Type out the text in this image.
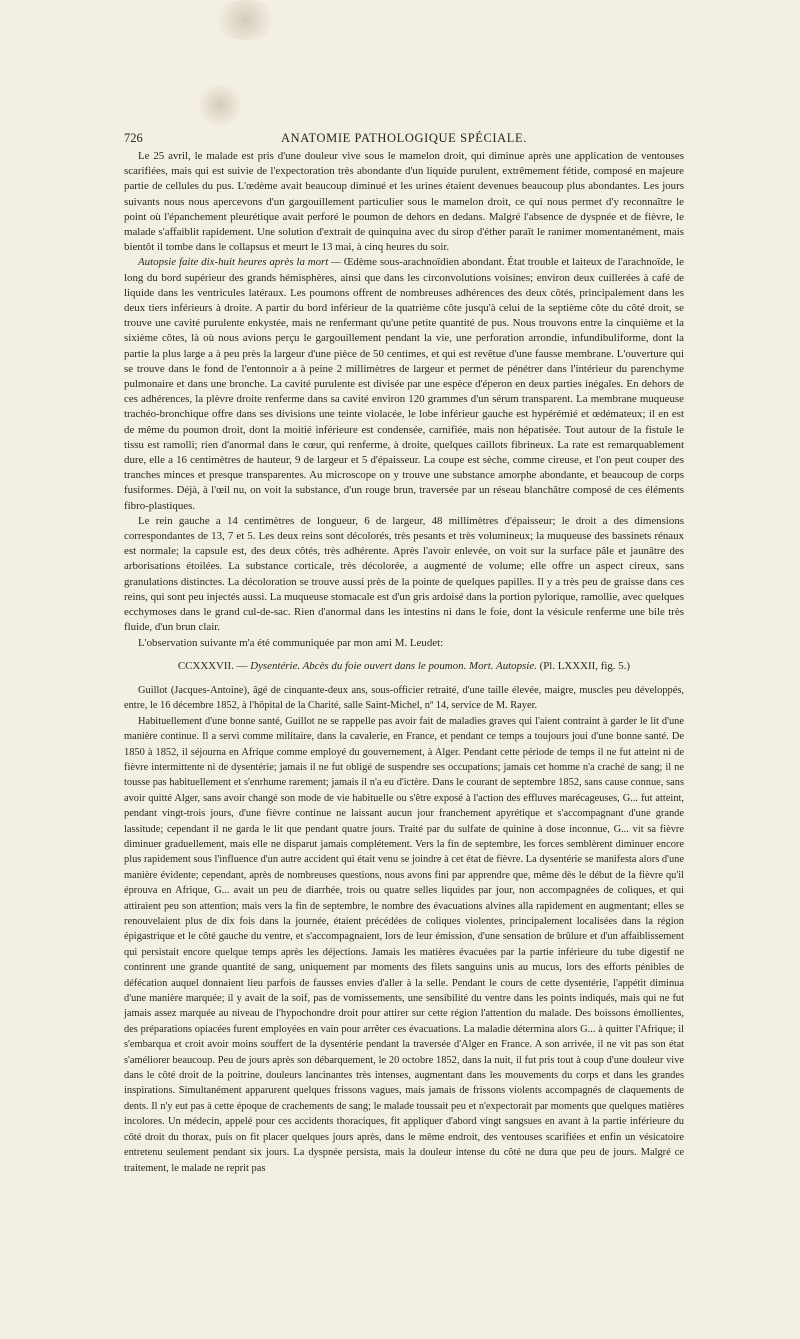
726	ANATOMIE PATHOLOGIQUE SPÉCIALE.

Le 25 avril, le malade est pris d'une douleur vive sous le mamelon droit, qui diminue après une application de ventouses scarifiées, mais qui est suivie de l'expectoration très abondante d'un liquide purulent, extrêmement fétide, composé en majeure partie de cellules du pus. L'œdème avait beaucoup diminué et les urines étaient devenues beaucoup plus abondantes. Les jours suivants nous nous apercevons d'un gargouillement particulier sous le mamelon droit, ce qui nous permet d'y reconnaître le point où l'épanchement pleurétique avait perforé le poumon de dehors en dedans. Malgré l'absence de dyspnée et de fièvre, le malade s'affaiblit rapidement. Une solution d'extrait de quinquina avec du sirop d'éther paraît le ranimer momentanément, mais bientôt il tombe dans le collapsus et meurt le 13 mai, à cinq heures du soir.

Autopsie faite dix-huit heures après la mort — Œdème sous-arachnoïdien abondant. État trouble et laiteux de l'arachnoïde, le long du bord supérieur des grands hémisphères, ainsi que dans les circonvolutions voisines; environ deux cuillerées à café de liquide dans les ventricules latéraux. Les poumons offrent de nombreuses adhérences des deux côtés, principalement dans les deux tiers inférieurs à droite. A partir du bord inférieur de la quatrième côte jusqu'à celui de la septième côte du côté droit, se trouve une cavité purulente enkystée, mais ne renfermant qu'une petite quantité de pus. Nous trouvons entre la cinquième et la sixième côtes, là où nous avions perçu le gargouillement pendant la vie, une perforation arrondie, infundibuliforme, dont la partie la plus large a à peu près la largeur d'une pièce de 50 centimes, et qui est revêtue d'une fausse membrane. L'ouverture qui se trouve dans le fond de l'entonnoir a à peine 2 millimètres de largeur et permet de pénétrer dans l'intérieur du parenchyme pulmonaire et dans une bronche. La cavité purulente est divisée par une espèce d'éperon en deux parties inégales. En dehors de ces adhérences, la plèvre droite renferme dans sa cavité environ 120 grammes d'un sérum transparent. La membrane muqueuse trachéo-bronchique offre dans ses divisions une teinte violacée, le lobe inférieur gauche est hypérémié et œdémateux; il en est de même du poumon droit, dont la moitié inférieure est condensée, carnifiée, mais non hépatisée. Tout autour de la fistule le tissu est ramolli; rien d'anormal dans le cœur, qui renferme, à droite, quelques caillots fibrineux. La rate est remarquablement dure, elle a 16 centimètres de hauteur, 9 de largeur et 5 d'épaisseur. La coupe est sèche, comme cireuse, et l'on peut couper des tranches minces et presque transparentes. Au microscope on y trouve une substance amorphe abondante, et beaucoup de corps fusiformes. Déjà, à l'œil nu, on voit la substance, d'un rouge brun, traversée par un réseau blanchâtre composé de ces éléments fibro-plastiques.

Le rein gauche a 14 centimètres de longueur, 6 de largeur, 48 millimètres d'épaisseur; le droit a des dimensions correspondantes de 13, 7 et 5. Les deux reins sont décolorés, très pesants et très volumineux; la muqueuse des bassinets rénaux est normale; la capsule est, des deux côtés, très adhérente. Après l'avoir enlevée, on voit sur la surface pâle et jaunâtre des arborisations étoilées. La substance corticale, très décolorée, a augmenté de volume; elle offre un aspect cireux, sans granulations distinctes. La décoloration se trouve aussi près de la pointe de quelques papilles. Il y a très peu de graisse dans ces reins, qui sont peu injectés aussi. La muqueuse stomacale est d'un gris ardoisé dans la portion pylorique, ramollie, avec quelques ecchymoses dans le grand cul-de-sac. Rien d'anormal dans les intestins ni dans le foie, dont la vésicule renferme une bile très fluide, d'un brun clair.

L'observation suivante m'a été communiquée par mon ami M. Leudet:

CCXXXVII. — Dysentérie. Abcès du foie ouvert dans le poumon. Mort. Autopsie. (Pl. LXXXII, fig. 5.)

Guillot (Jacques-Antoine), âgé de cinquante-deux ans, sous-officier retraité, d'une taille élevée, maigre, muscles peu développés, entre, le 16 décembre 1852, à l'hôpital de la Charité, salle Saint-Michel, nº 14, service de M. Rayer.

Habituellement d'une bonne santé, Guillot ne se rappelle pas avoir fait de maladies graves qui l'aient contraint à garder le lit d'une manière continue. Il a servi comme militaire, dans la cavalerie, en France, et pendant ce temps a toujours joui d'une bonne santé. De 1850 à 1852, il séjourna en Afrique comme employé du gouvernement, à Alger. Pendant cette période de temps il ne fut atteint ni de fièvre intermittente ni de dysentérie; jamais il ne fut obligé de suspendre ses occupations; jamais cet homme n'a craché de sang; il ne tousse pas habituellement et s'enrhume rarement; jamais il n'a eu d'ictère. Dans le courant de septembre 1852, sans cause connue, sans avoir quitté Alger, sans avoir changé son mode de vie habituelle ou s'être exposé à l'action des effluves marécageuses, G... fut atteint, pendant vingt-trois jours, d'une fièvre continue ne laissant aucun jour franchement apyrétique et s'accompagnant d'une grande lassitude; cependant il ne garda le lit que pendant quatre jours. Traité par du sulfate de quinine à dose inconnue, G... vit sa fièvre diminuer graduellement, mais elle ne disparut jamais complétement. Vers la fin de septembre, les forces semblèrent diminuer encore plus rapidement sous l'influence d'un autre accident qui était venu se joindre à cet état de fièvre. La dysentérie se manifesta alors d'une manière évidente; cependant, après de nombreuses questions, nous avons fini par apprendre que, même dès le début de la fièvre qu'il éprouva en Afrique, G... avait un peu de diarrhée, trois ou quatre selles liquides par jour, non accompagnées de coliques, et qui attiraient peu son attention; mais vers la fin de septembre, le nombre des évacuations alvines alla rapidement en augmentant; elles se renouvelaient plus de dix fois dans la journée, étaient précédées de coliques violentes, principalement localisées dans la région épigastrique et le côté gauche du ventre, et s'accompagnaient, lors de leur émission, d'une sensation de brûlure et d'un affaiblissement qui persistait encore quelque temps après les déjections. Jamais les matières évacuées par la partie inférieure du tube digestif ne continrent une grande quantité de sang, uniquement par moments des filets sanguins unis au mucus, lors des efforts pénibles de défécation auquel donnaient lieu parfois de fausses envies d'aller à la selle. Pendant le cours de cette dysentérie, l'appétit diminua d'une manière marquée; il y avait de la soif, pas de vomissements, une sensibilité du ventre dans les points indiqués, mais qui ne fut jamais assez marquée au niveau de l'hypochondre droit pour attirer sur cette région l'attention du malade. Des boissons émollientes, des préparations opiacées furent employées en vain pour arrêter ces évacuations. La maladie détermina alors G... à quitter l'Afrique; il s'embarqua et croit avoir moins souffert de la dysentérie pendant la traversée d'Alger en France. A son arrivée, il ne vit pas son état s'améliorer beaucoup. Peu de jours après son débarquement, le 20 octobre 1852, dans la nuit, il fut pris tout à coup d'une douleur vive dans le côté droit de la poitrine, douleurs lancinantes très intenses, augmentant dans les mouvements du corps et dans les grandes inspirations. Simultanément apparurent quelques frissons vagues, mais jamais de frissons violents accompagnés de claquements de dents. Il n'y eut pas à cette époque de crachements de sang; le malade toussait peu et n'expectorait par moments que quelques matières incolores. Un médecin, appelé pour ces accidents thoraciques, fit appliquer d'abord vingt sangsues en avant à la partie inférieure du côté droit du thorax, puis on fit placer quelques jours après, dans le même endroit, des ventouses scarifiées et enfin un vésicatoire entretenu seulement pendant six jours. La dyspnée persista, mais la douleur intense du côté ne dura que peu de jours. Malgré ce traitement, le malade ne reprit pas
